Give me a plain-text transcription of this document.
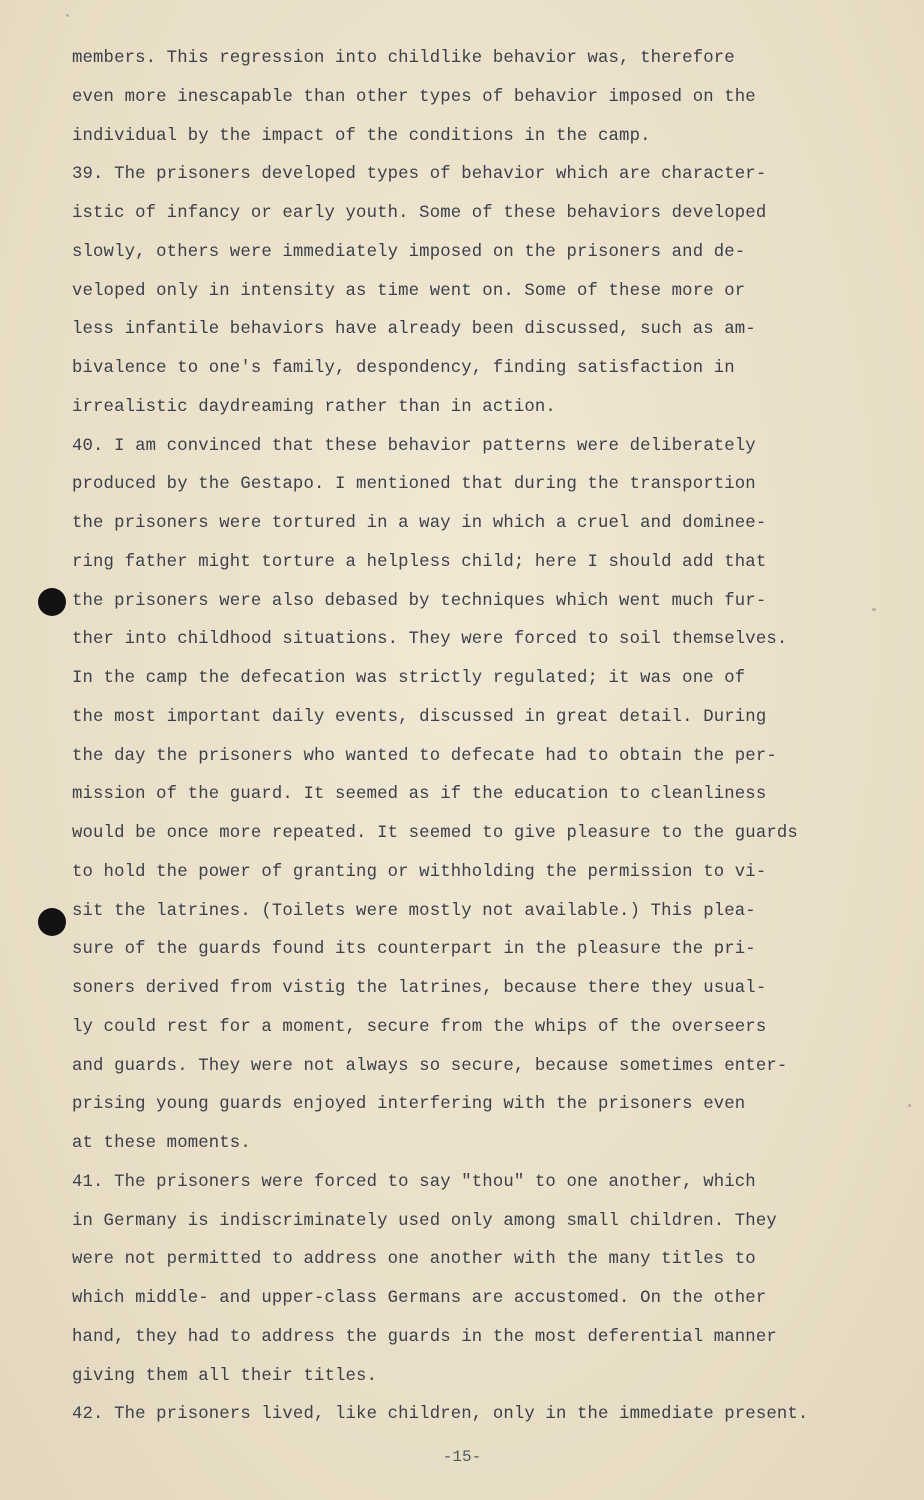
members. This regression into childlike behavior was, therefore
even more inescapable than other types of behavior imposed on the
individual by the impact of the conditions in the camp.
39. The prisoners developed types of behavior which are character-
istic of infancy or early youth. Some of these behaviors developed
slowly, others were immediately imposed on the prisoners and de-
veloped only in intensity as time went on. Some of these more or
less infantile behaviors have already been discussed, such as am-
bivalence to one's family, despondency, finding satisfaction in
irrealistic daydreaming rather than in action.
40. I am convinced that these behavior patterns were deliberately
produced by the Gestapo. I mentioned that during the transportion
the prisoners were tortured in a way in which a cruel and dominee-
ring father might torture a helpless child; here I should add that
the prisoners were also debased by techniques which went much fur-
ther into childhood situations. They were forced to soil themselves.
In the camp the defecation was strictly regulated; it was one of
the most important daily events, discussed in great detail. During
the day the prisoners who wanted to defecate had to obtain the per-
mission of the guard. It seemed as if the education to cleanliness
would be once more repeated. It seemed to give pleasure to the guards
to hold the power of granting or withholding the permission to vi-
sit the latrines. (Toilets were mostly not available.) This plea-
sure of the guards found its counterpart in the pleasure the pri-
soners derived from vistig the latrines, because there they usual-
ly could rest for a moment, secure from the whips of the overseers
and guards. They were not always so secure, because sometimes enter-
prising young guards enjoyed interfering with the prisoners even
at these moments.
41. The prisoners were forced to say "thou" to one another, which
in Germany is indiscriminately used only among small children. They
were not permitted to address one another with the many titles to
which middle- and upper-class Germans are accustomed. On the other
hand, they had to address the guards in the most deferential manner
giving them all their titles.
42. The prisoners lived, like children, only in the immediate present.
-15-
